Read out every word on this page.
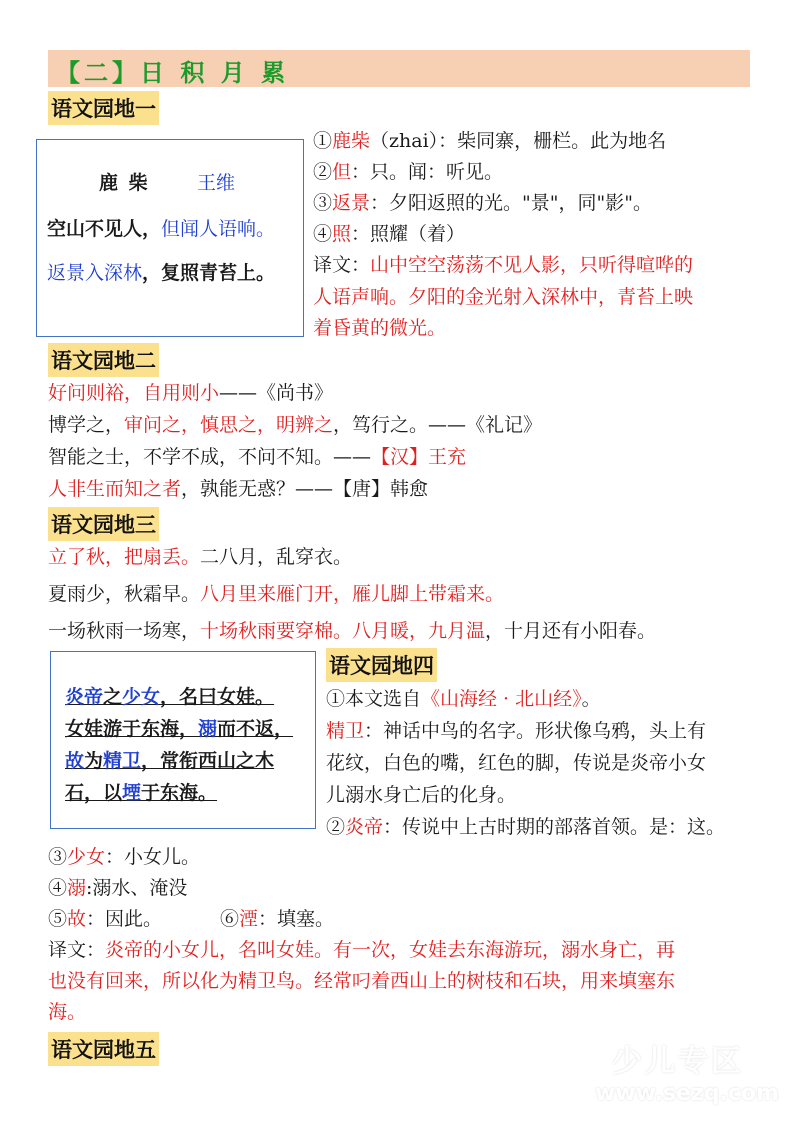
【二】日 积 月 累
语文园地一
鹿 柴 王维
空山不见人，但闻人语响。
返景入深林，复照青苔上。
①鹿柴（zhai）：柴同寨，栅栏。此为地名
②但：只。闻：听见。
③返景：夕阳返照的光。"景"，同"影"。
④照：照耀（着）
译文：山中空空荡荡不见人影，只听得喧哗的
人语声响。夕阳的金光射入深林中，青苔上映
着昏黄的微光。
语文园地二
好问则裕，自用则小——《尚书》
博学之，审问之，慎思之，明辨之，笃行之。——《礼记》
智能之士，不学不成，不问不知。——【汉】王充
人非生而知之者，孰能无惑？——【唐】韩愈
语文园地三
立了秋，把扇丢。二八月，乱穿衣。
夏雨少，秋霜早。八月里来雁门开，雁儿脚上带霜来。
一场秋雨一场寒，十场秋雨要穿棉。八月暖，九月温，十月还有小阳春。
炎帝之少女，名曰女娃。
女娃游于东海，溺而不返，
故为精卫，常衔西山之木
石，以堙于东海。
语文园地四
①本文选自《山海经 · 北山经》。
精卫：神话中鸟的名字。形状像乌鸦，头上有
花纹，白色的嘴，红色的脚，传说是炎帝小女
儿溺水身亡后的化身。
②炎帝：传说中上古时期的部落首领。是：这。
③少女：小女儿。
④溺:溺水、淹没
⑤故：因此。	⑥湮：填塞。
译文：炎帝的小女儿，名叫女娃。有一次，女娃去东海游玩，溺水身亡，再
也没有回来，所以化为精卫鸟。经常叼着西山上的树枝和石块，用来填塞东
海。
语文园地五	少儿专区
www.sezq.com
